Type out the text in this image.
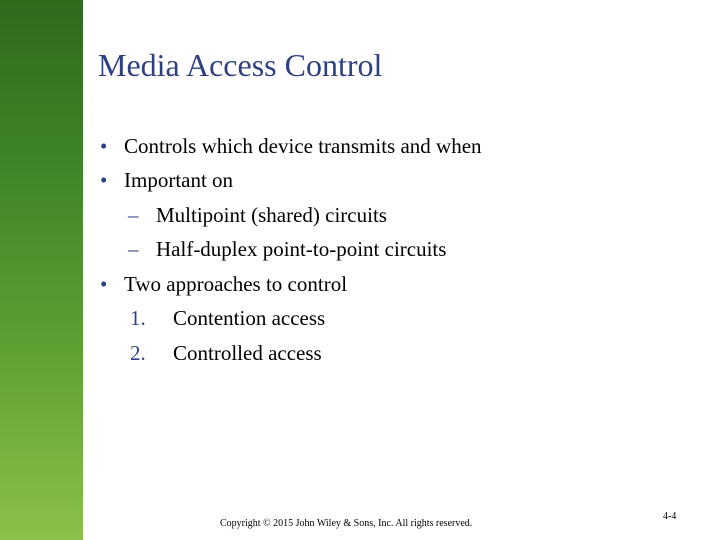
Media Access Control
• Controls which device transmits and when
• Important on
– Multipoint (shared) circuits
– Half-duplex point-to-point circuits
• Two approaches to control
1. Contention access
2. Controlled access
Copyright © 2015 John Wiley & Sons, Inc. All rights reserved.
4-4
